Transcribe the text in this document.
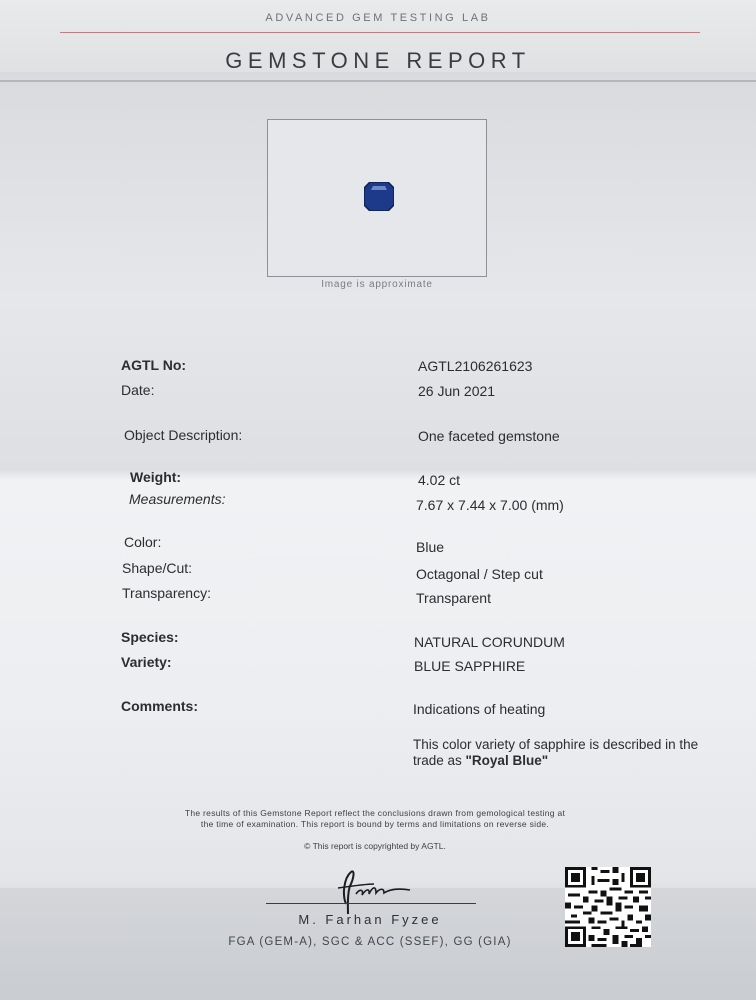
ADVANCED GEM TESTING LAB
GEMSTONE REPORT
Image is approximate
AGTL No:	AGTL2106261623
Date:	26 Jun 2021
Object Description:	One faceted gemstone
Weight:	4.02 ct
Measurements:	7.67 x 7.44 x 7.00 (mm)
Color:	Blue
Shape/Cut:	Octagonal / Step cut
Transparency:	Transparent
Species:	NATURAL CORUNDUM
Variety:	BLUE SAPPHIRE
Comments:	Indications of heating
This color variety of sapphire is described in the trade as "Royal Blue"
The results of this Gemstone Report reflect the conclusions drawn from gemological testing at
the time of examination. This report is bound by terms and limitations on reverse side.
© This report is copyrighted by AGTL.
M. Farhan Fyzee
FGA (GEM-A), SGC & ACC (SSEF), GG (GIA)
